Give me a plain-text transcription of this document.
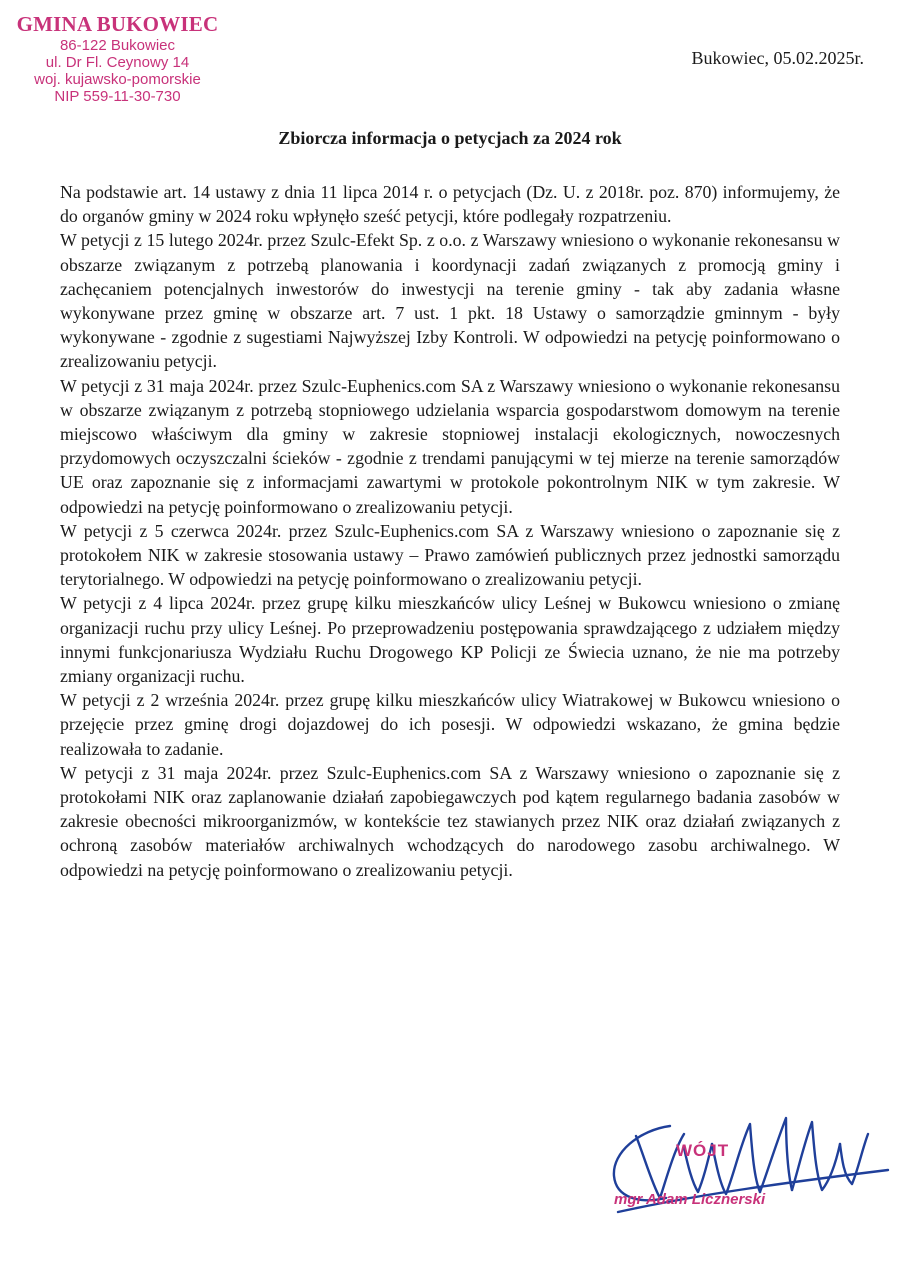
GMINA BUKOWIEC
86-122 Bukowiec
ul. Dr Fl. Ceynowy 14
woj. kujawsko-pomorskie
NIP 559-11-30-730
Bukowiec, 05.02.2025r.
Zbiorcza informacja o petycjach za 2024 rok

Na podstawie art. 14 ustawy z dnia 11 lipca 2014 r. o petycjach (Dz. U. z 2018r. poz. 870) informujemy, że do organów gminy w 2024 roku wpłynęło sześć petycji, które podlegały rozpatrzeniu.

W petycji z 15 lutego 2024r. przez Szulc-Efekt Sp. z o.o. z Warszawy wniesiono o wykonanie rekonesansu w obszarze związanym z potrzebą planowania i koordynacji zadań związanych z promocją gminy i zachęcaniem potencjalnych inwestorów do inwestycji na terenie gminy - tak aby zadania własne wykonywane przez gminę w obszarze art. 7 ust. 1 pkt. 18 Ustawy o samorządzie gminnym - były wykonywane - zgodnie z sugestiami Najwyższej Izby Kontroli. W odpowiedzi na petycję poinformowano o zrealizowaniu petycji.

W petycji z 31 maja 2024r. przez Szulc-Euphenics.com SA z Warszawy wniesiono o wykonanie rekonesansu w obszarze związanym z potrzebą stopniowego udzielania wsparcia gospodarstwom domowym na terenie miejscowo właściwym dla gminy w zakresie stopniowej instalacji ekologicznych, nowoczesnych przydomowych oczyszczalni ścieków - zgodnie z trendami panującymi w tej mierze na terenie samorządów UE oraz zapoznanie się z informacjami zawartymi w protokole pokontrolnym NIK w tym zakresie. W odpowiedzi na petycję poinformowano o zrealizowaniu petycji.

W petycji z 5 czerwca 2024r. przez Szulc-Euphenics.com SA z Warszawy wniesiono o zapoznanie się z protokołem NIK w zakresie stosowania ustawy – Prawo zamówień publicznych przez jednostki samorządu terytorialnego. W odpowiedzi na petycję poinformowano o zrealizowaniu petycji.

W petycji z 4 lipca 2024r. przez grupę kilku mieszkańców ulicy Leśnej w Bukowcu wniesiono o zmianę organizacji ruchu przy ulicy Leśnej. Po przeprowadzeniu postępowania sprawdzającego z udziałem między innymi funkcjonariusza Wydziału Ruchu Drogowego KP Policji ze Świecia uznano, że nie ma potrzeby zmiany organizacji ruchu.

W petycji z 2 września 2024r. przez grupę kilku mieszkańców ulicy Wiatrakowej w Bukowcu wniesiono o przejęcie przez gminę drogi dojazdowej do ich posesji. W odpowiedzi wskazano, że gmina będzie realizowała to zadanie.

W petycji z 31 maja 2024r. przez Szulc-Euphenics.com SA z Warszawy wniesiono o zapoznanie się z protokołami NIK oraz zaplanowanie działań zapobiegawczych pod kątem regularnego badania zasobów w zakresie obecności mikroorganizmów, w kontekście tez stawianych przez NIK oraz działań związanych z ochroną zasobów materiałów archiwalnych wchodzących do narodowego zasobu archiwalnego. W odpowiedzi na petycję poinformowano o zrealizowaniu petycji.

WÓJT
mgr Adam Licznerski
